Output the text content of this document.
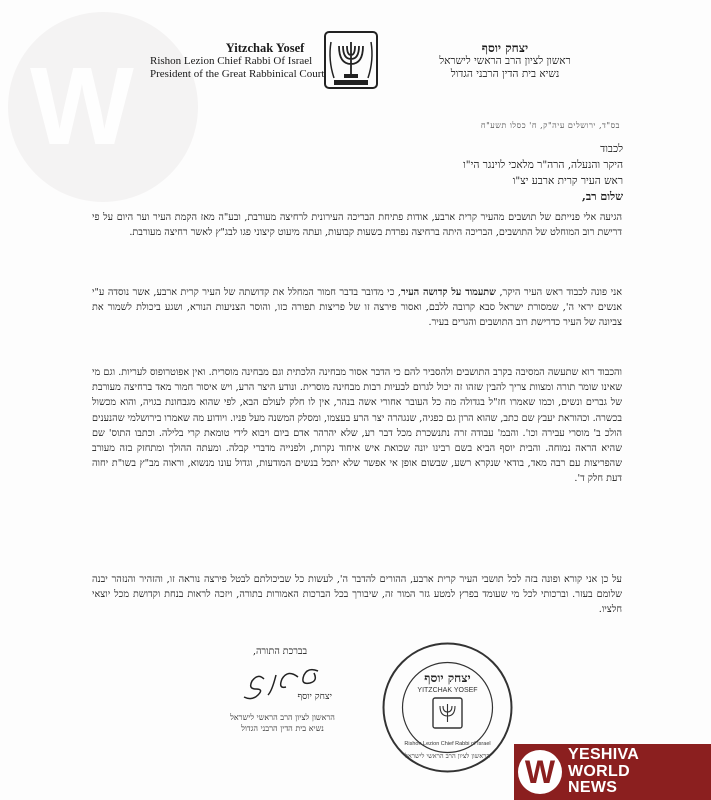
W	Yitzchak Yosef
Rishon Lezion Chief Rabbi Of Israel
President of the Great Rabbinical Court
יצחק יוסף
ראשון לציון הרב הראשי לישראל
נשיא בית הדין הרבני הגדול
בס"ד, ירושלים עיה"ק, ח' כסלו תשע"ח
לכבוד
היקר והנעלה, הרה"ר מלאכי לוינגר הי"ו
ראש העיר קרית ארבע יצ"ו
שלום רב,
הגיעה אלי פנייתם של תושבים מהעיר קרית ארבע, אודות פתיחת הבריכה העירונית לרחיצה מעורבת, ובע"ה מאז הקמת העיר וער היום על פי דרישת רוב המוחלט של התושבים, הבריכה היתה ברחיצה נפרדת בשעות קבועות, ועתה מיעוט קיצוני פגו לבג"ץ לאשר רחיצה מעורבת.
אני פונה לכבוד ראש העיר היקר, שתעמוד על קדושה העיר, כי מדובר בדבר חמור המחלל את קדושתה של העיר קרית ארבע, אשר נוסדה ע"י אנשים יראי ה', שמסורת ישראל סבא קרובה ללבם, ואסור פירצה זו של פריצות תפורה כזו, והוסר הצניעות הנורא, ושגע ביכולת לשמור את צביונה של העיר כדרישת רוב התושבים והגרים בעיר.
והכבוד רוא שתעשה המסיבה בקרב התושבים ולהסביר להם כי הדבר אסור מבחינה הלכתית וגם מבחינה מוסרית. ואין אפוטרופוס לעריות. וגם מי שאינו שומר תורה ומצוות צריך להבין שזהו זה יכול לגרום לבעיות רבות מבחינה מוסרית. ונודע היצר הרע, ויש איסור חמור מאד ברחיצה מעורבת של גברים ונשים, וכמו שאמרו חז"ל בגדולה מה כל העובר אחורי אשה בנהר, אין לו חלק לעולם הבא, לפי שהוא מגבחונת בגויה, והוא מכשול בכשרה. וכהוראת יעבץ שם כתב, שהוא הרון גם כפגיה, שנגהרה יצר הרע בעצמו, ומסלק המשנה מעל פניו. ויודוע מה שאמרו בירושלמי שהנענים הולכ ב' מוסרי עבירה וכו'. והבמ' עבודה זרה נתנשכרת מכל דבר רע, שלא יהרהר אדם ביום ויבוא לידי טומאת קרי בלילה. וכתבו התוס' שם שהיא הראה נמוחה. והבית יוסף הביא בשם רבינו יונה שכואת איש איחוד נקרות, ולפנייה מדברי קבלה. ומעתה ההולך ומתחזק בזה מעורב שהפריצות עם רבה מאד, בודאי שנקרא רשע, שבשום אופן אי אפשר שלא יתכל בנשים המודעות, וגדול עונו מנשוא, וראוה מב"ץ בשו"ת יחוה דעת חלק ד'.
על כן אני קורא ופונה בזה לכל תושבי העיר קרית ארבע, ההורים להדבר ה', לעשות כל שביכולתם לבטל פירצה נוראה זו, והזהיר והנזהר יבנה שלומם בעזר. וברכותי לכל מי שעומד בפרץ למטע גזר המור זה, שיבורך בכל הברכות האמורות בתורה, ויזכה לראות בנחת וקדושת מכל יוצאי חלציו.
בברכת התורה,
יצחק יוסף
הראשון לציון הרב הראשי לישראל
נשיא בית הדין הרבני הגדול
YITZCHAK YOSEF
Rishon Lezion Chief Rabbi of Israel
הראשון לציון הרב הראשי לישראל
יצחק יוסף
W YESHIVA
WORLD
NEWS
